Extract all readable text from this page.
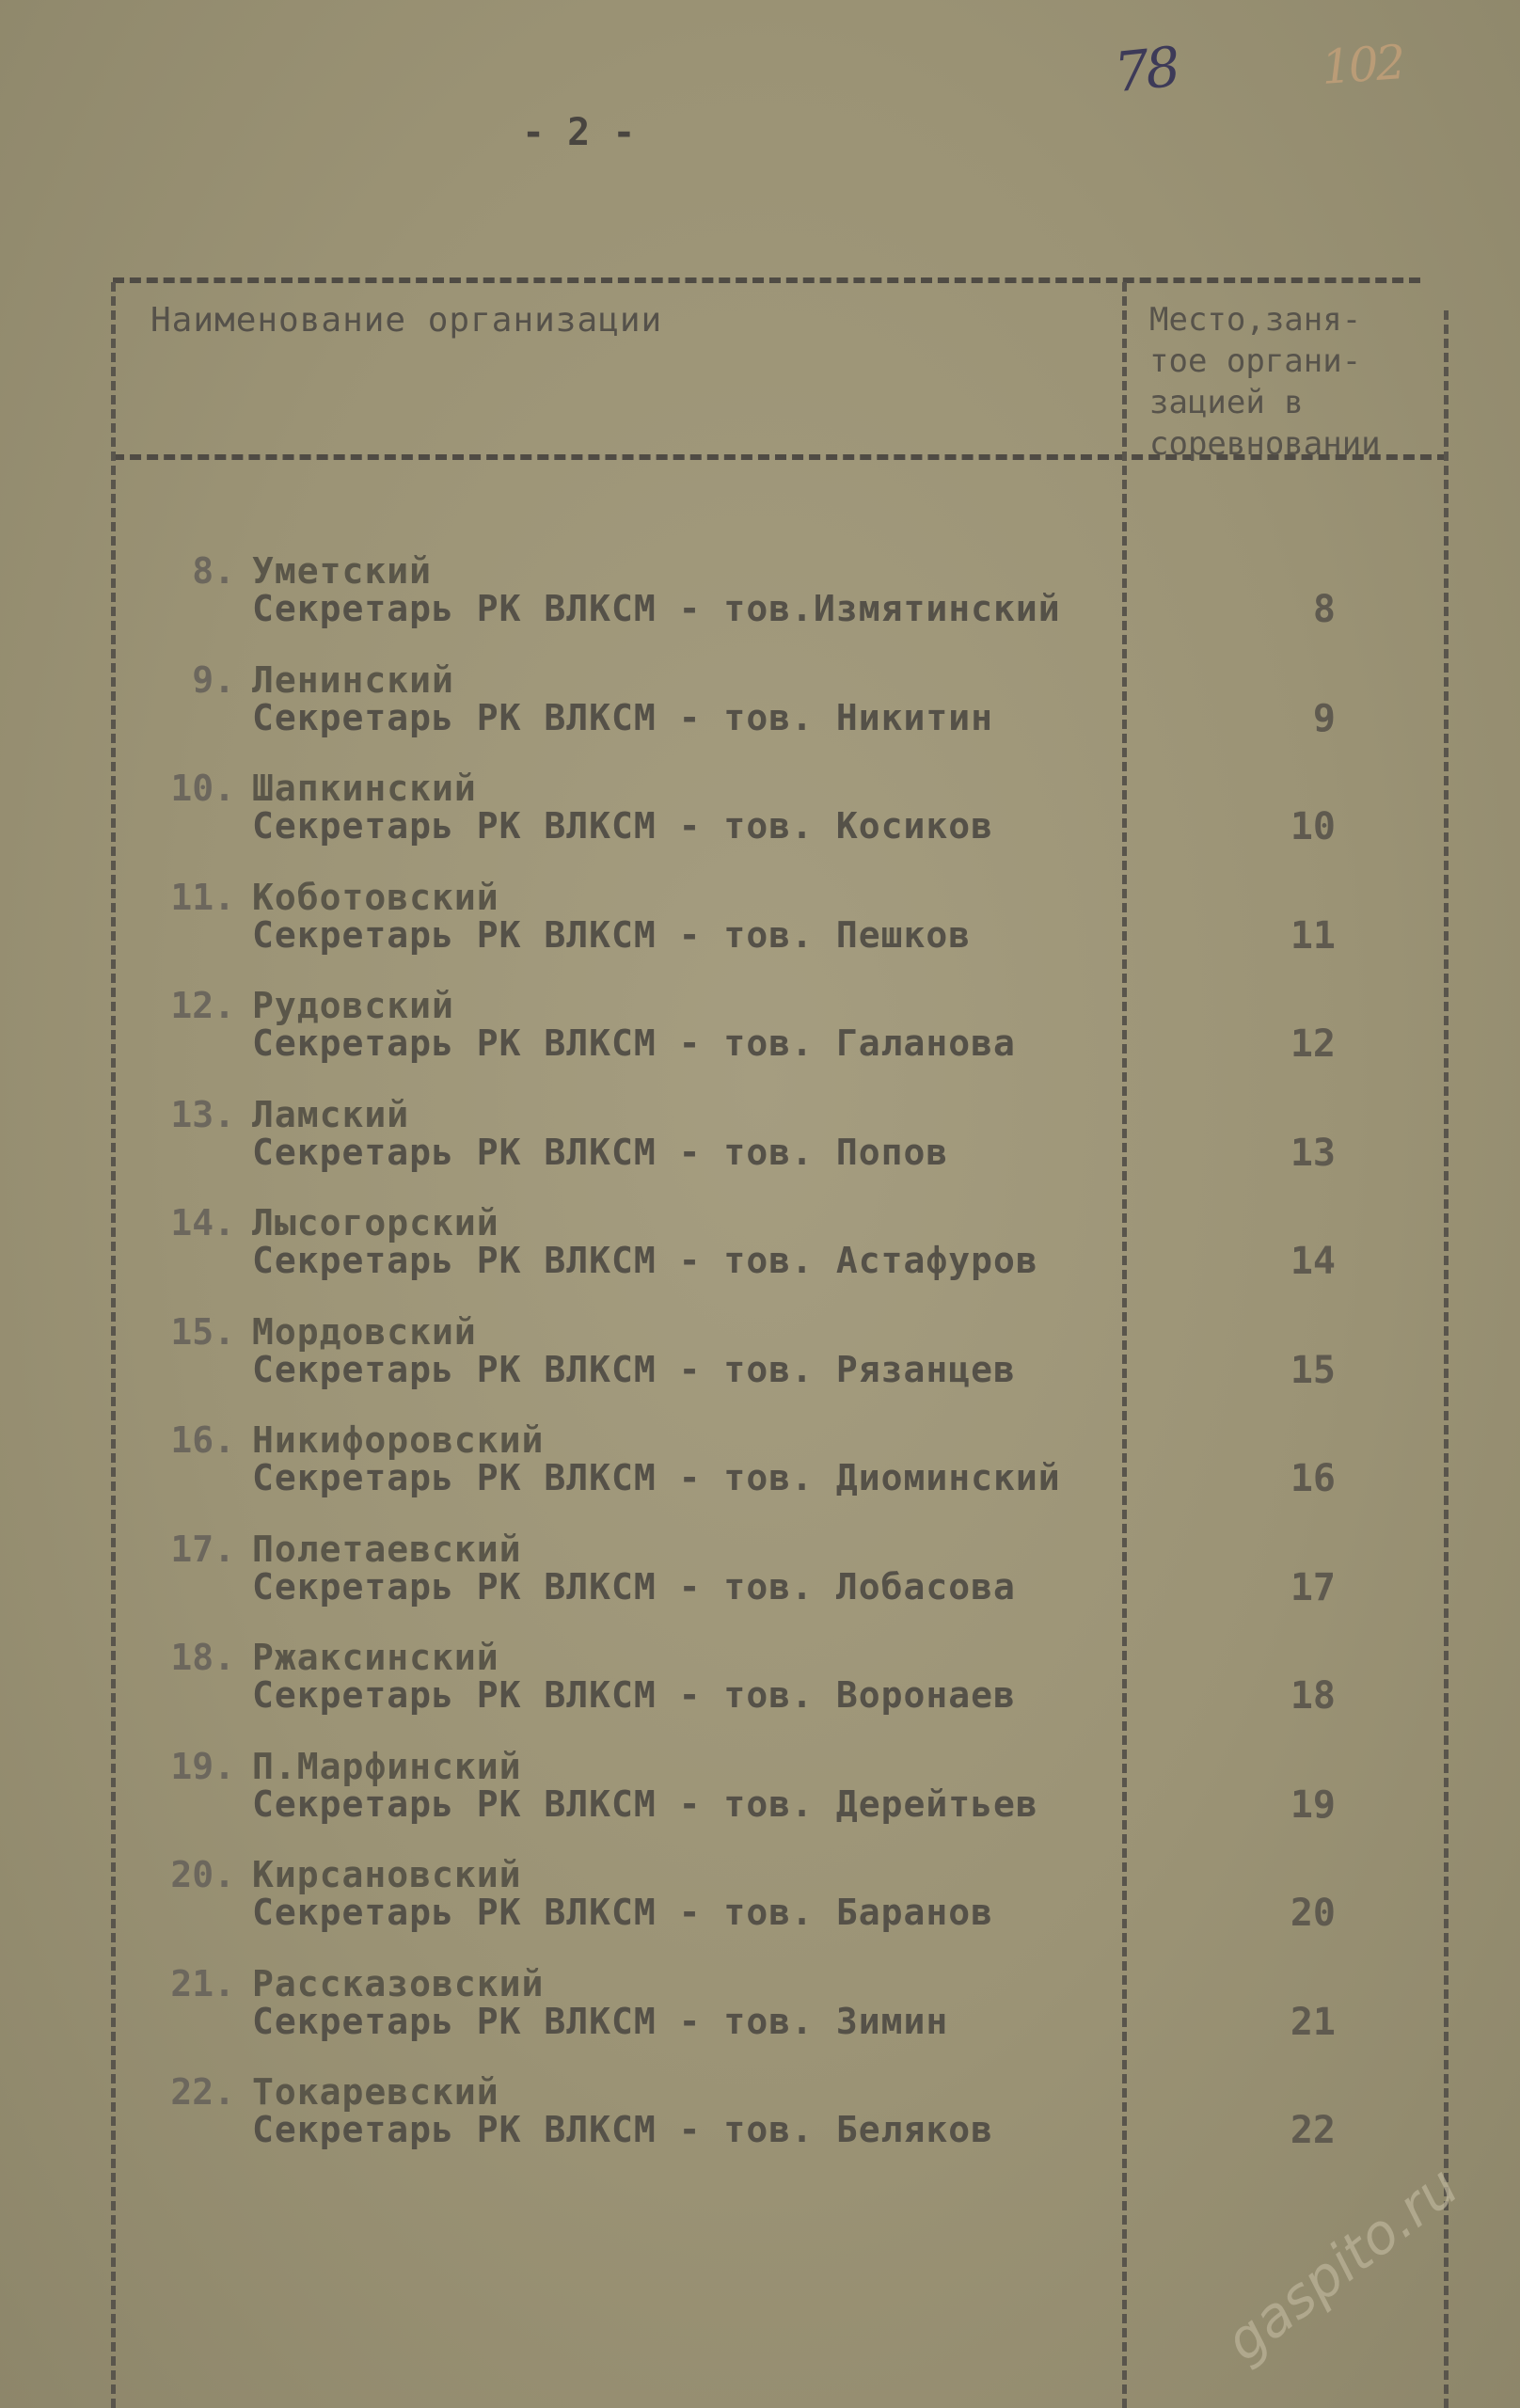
78	102
- 2 -
Наименование организации	Место,заня-
тое органи-
зацией в
соревновании
8. Уметский
Секретарь РК ВЛКСМ - тов.Измятинский	8
9. Ленинский
Секретарь РК ВЛКСМ - тов. Никитин	9
10. Шапкинский
Секретарь РК ВЛКСМ - тов. Косиков	10
11. Коботовский
Секретарь РК ВЛКСМ - тов. Пешков	11
12. Рудовский
Секретарь РК ВЛКСМ - тов. Галанова	12
13. Ламский
Секретарь РК ВЛКСМ - тов. Попов	13
14. Лысогорский
Секретарь РК ВЛКСМ - тов. Астафуров	14
15. Мордовский
Секретарь РК ВЛКСМ - тов. Рязанцев	15
16. Никифоровский
Секретарь РК ВЛКСМ - тов. Диоминский	16
17. Полетаевский
Секретарь РК ВЛКСМ - тов. Лобасова	17
18. Ржаксинский
Секретарь РК ВЛКСМ - тов. Воронаев	18
19. П.Марфинский
Секретарь РК ВЛКСМ - тов. Дерейтьев	19
20. Кирсановский
Секретарь РК ВЛКСМ - тов. Баранов	20
21. Рассказовский
Секретарь РК ВЛКСМ - тов. Зимин	21
22. Токаревский
Секретарь РК ВЛКСМ - тов. Беляков	22
gaspito.ru
